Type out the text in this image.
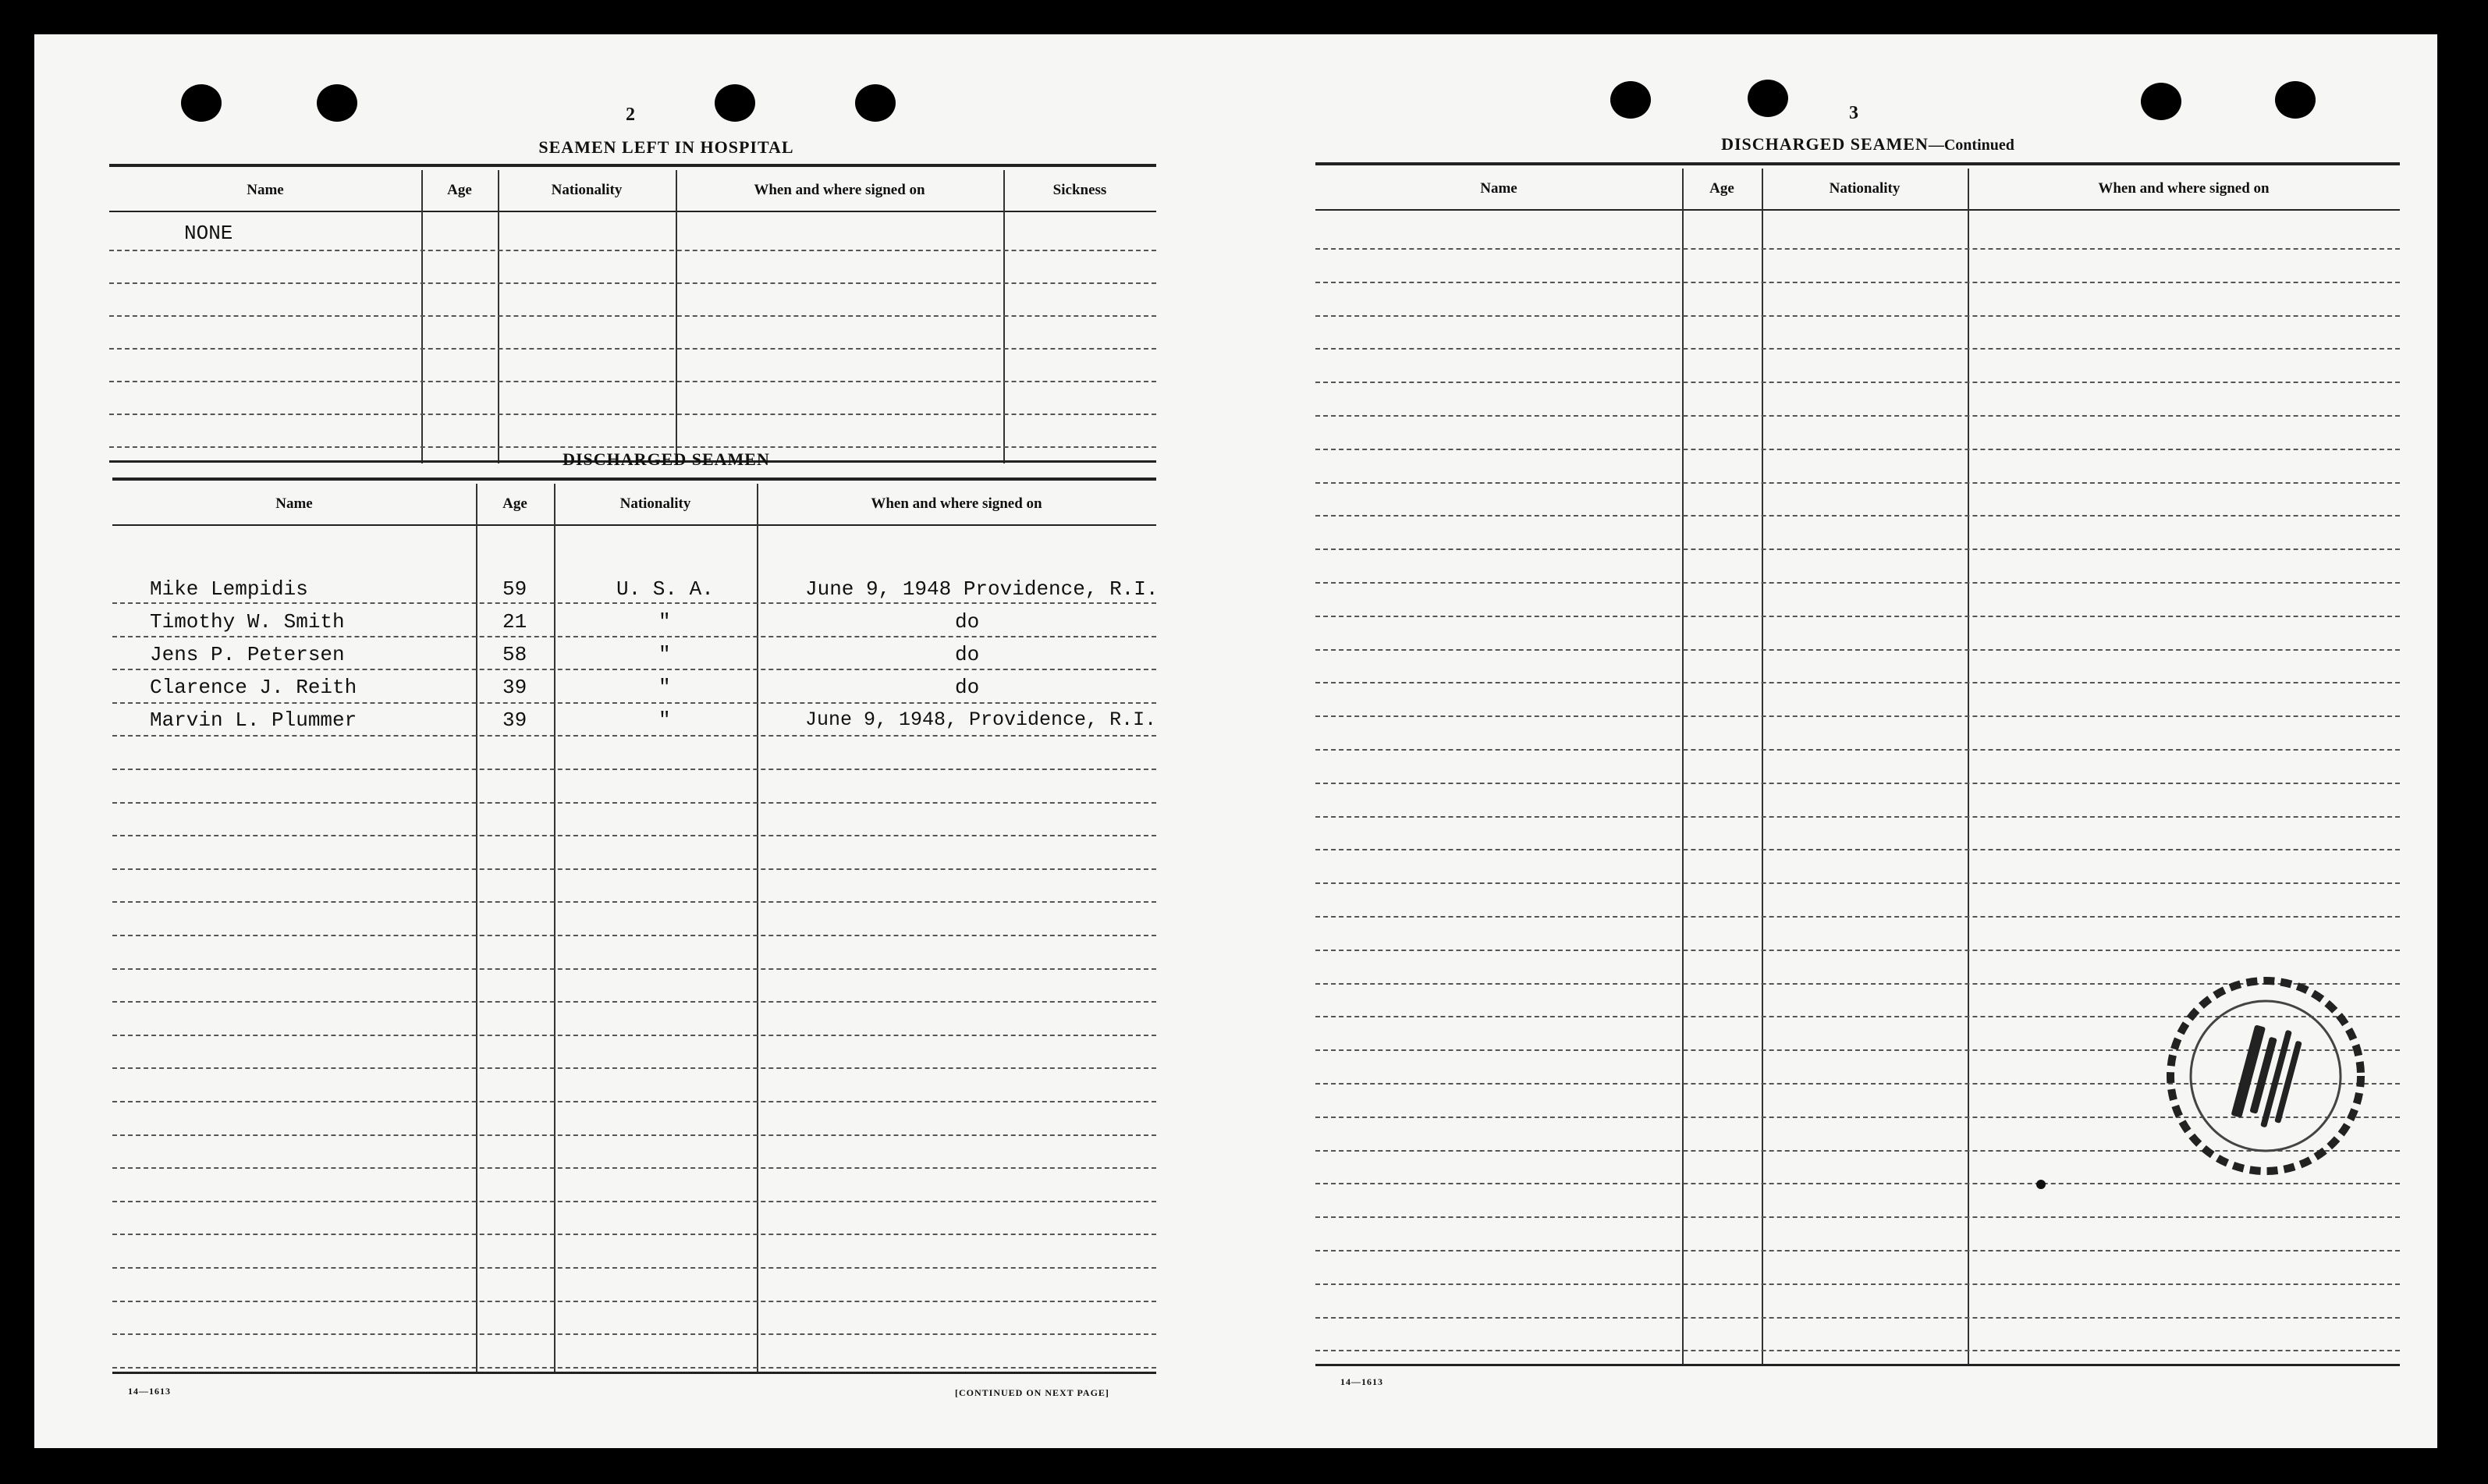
2
SEAMEN LEFT IN HOSPITAL
Name	Age	Nationality	When and where signed on	Sickness
NONE
DISCHARGED SEAMEN
Name	Age	Nationality	When and where signed on
Mike Lempidis	59	U. S. A.	June 9, 1948 Providence, R.I.
Timothy W. Smith	21	"	do
Jens P. Petersen	58	"	do
Clarence J. Reith	39	"	do
Marvin L. Plummer	39	"	June 9, 1948, Providence, R.I.
14—1613	[CONTINUED ON NEXT PAGE]
3
DISCHARGED SEAMEN—Continued
Name	Age	Nationality	When and where signed on
14—1613
